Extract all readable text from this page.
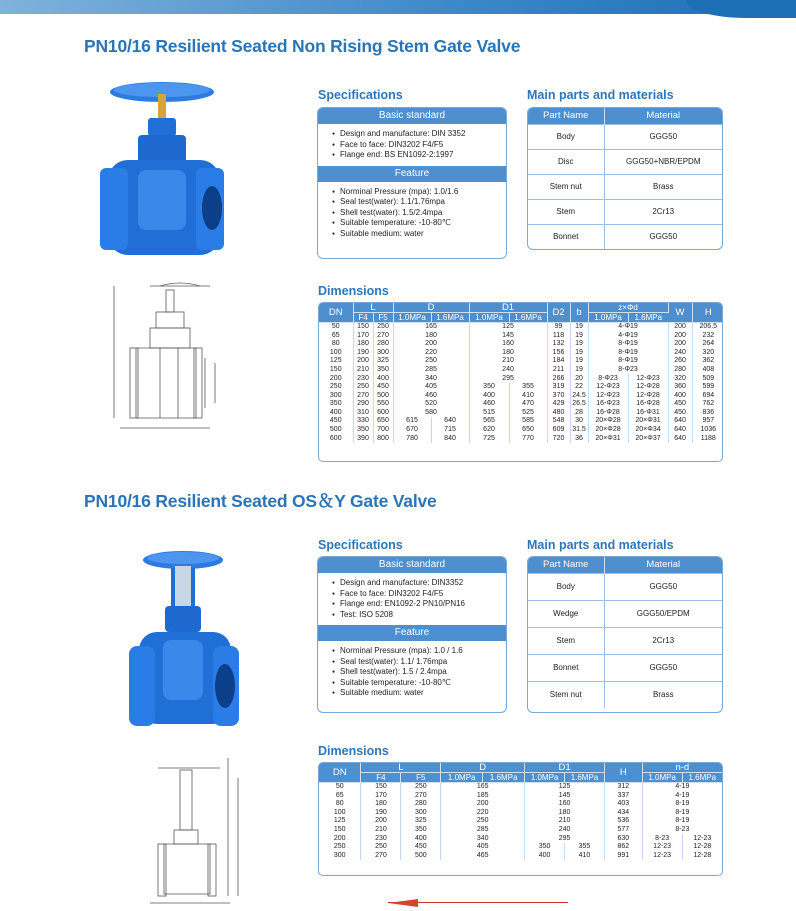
PN10/16 Resilient Seated Non Rising Stem Gate Valve
Specifications
Basic standard
● Design and manufacture: DIN 3352
● Face to face: DIN3202 F4/F5
● Flange end: BS EN1092-2:1997
Feature
● Norminal Pressure (mpa): 1.0/1.6
● Seal test(water): 1.1/1.76mpa
● Shell test(water): 1.5/2.4mpa
● Suitable temperature: -10-80℃
● Suitable medium: water
Main parts and materials
Part Name	Material
Body	GGG50
Disc	GGG50+NBR/EPDM
Stem nut	Brass
Stem	2Cr13
Bonnet	GGG50
Dimensions
DN	L		D		D1		D2	b	z×Φd		W	H
	F4	F5	1.0MPa	1.6MPa	1.0MPa	1.6MPa			1.0MPa	1.6MPa		
50	150	250	165		125		99	19	4-Φ19		200	206.5
65	170	270	180		145		118	19	4-Φ19		200	232
80	180	280	200		160		132	19	8-Φ19		200	264
100	190	300	220		180		156	19	8-Φ19		240	320
125	200	325	250		210		184	19	8-Φ19		260	362
150	210	350	285		240		211	19	8-Φ23		280	408
200	230	400	340		295		266	20	8-Φ23	12-Φ23	320	509
250	250	450	405		350	355	319	22	12-Φ23	12-Φ28	360	599
300	270	500	460		400	410	370	24.5	12-Φ23	12-Φ28	400	694
350	290	550	520		460	470	429	26.5	16-Φ23	16-Φ28	450	762
400	310	600	580		515	525	480	28	16-Φ28	16-Φ31	450	836
450	330	650	615	640	565	585	548	30	20×Φ28	20×Φ31	640	957
500	350	700	670	715	620	650	609	31.5	20×Φ28	20×Φ34	640	1036
600	390	800	780	840	725	770	720	36	20×Φ31	20×Φ37	640	1188
PN10/16 Resilient Seated OS＆Y Gate Valve
Specifications
Basic standard
● Design and manufacture: DIN3352
● Face to face: DIN3202 F4/F5
● Flange end: EN1092-2 PN10/PN16
● Test: ISO 5208
Feature
● Norminal Pressure (mpa): 1.0 / 1.6
● Seal test(water): 1.1/ 1.76mpa
● Shell test(water): 1.5 / 2.4mpa
● Suitable temperature: -10-80℃
● Suitable medium: water
Main parts and materials
Part Name	Material
Body	GGG50
Wedge	GGG50/EPDM
Stem	2Cr13
Bonnet	GGG50
Stem nut	Brass
Dimensions
DN	L		D		D1		H	n-d	
	F4	F5	1.0MPa	1.6MPa	1.0MPa	1.6MPa		1.0MPa	1.6MPa
50	150	250	165		125		312	4-19	
65	170	270	185		145		337	4-19	
80	180	280	200		160		403	8-19	
100	190	300	220		180		434	8-19	
125	200	325	250		210		536	8-19	
150	210	350	285		240		577	8-23	
200	230	400	340		295		630	8-23	12-23
250	250	450	405		350	355	862	12-23	12-28
300	270	500	465		400	410	991	12-23	12-28
